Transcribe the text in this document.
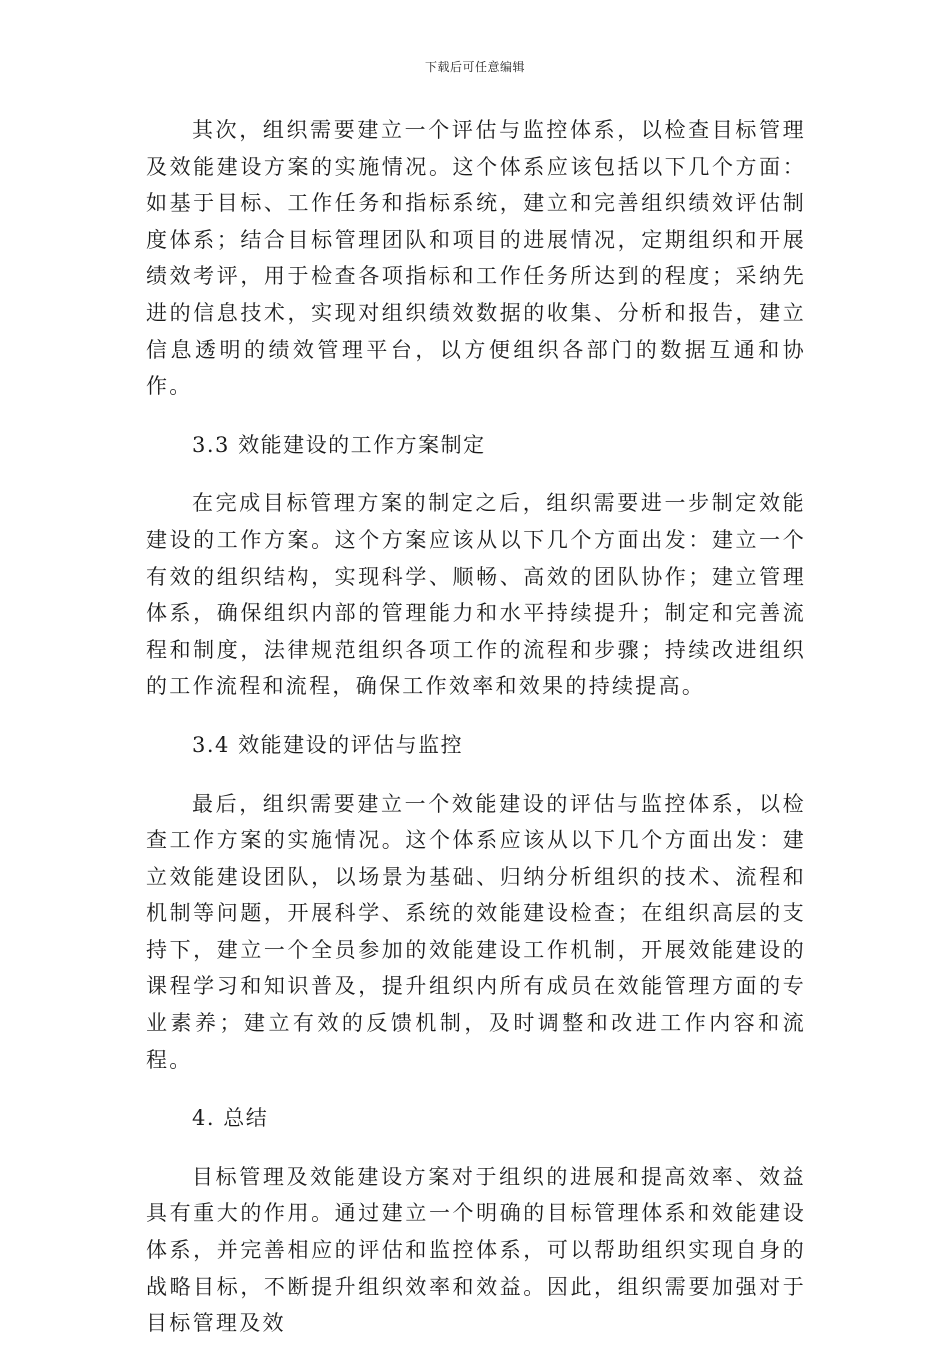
下载后可任意编辑

其次，组织需要建立一个评估与监控体系，以检查目标管理及效能建设方案的实施情况。这个体系应该包括以下几个方面：如基于目标、工作任务和指标系统，建立和完善组织绩效评估制度体系；结合目标管理团队和项目的进展情况，定期组织和开展绩效考评，用于检查各项指标和工作任务所达到的程度；采纳先进的信息技术，实现对组织绩效数据的收集、分析和报告，建立信息透明的绩效管理平台，以方便组织各部门的数据互通和协作。

3.3 效能建设的工作方案制定

在完成目标管理方案的制定之后，组织需要进一步制定效能建设的工作方案。这个方案应该从以下几个方面出发：建立一个有效的组织结构，实现科学、顺畅、高效的团队协作；建立管理体系，确保组织内部的管理能力和水平持续提升；制定和完善流程和制度，法律规范组织各项工作的流程和步骤；持续改进组织的工作流程和流程，确保工作效率和效果的持续提高。

3.4 效能建设的评估与监控

最后，组织需要建立一个效能建设的评估与监控体系，以检查工作方案的实施情况。这个体系应该从以下几个方面出发：建立效能建设团队，以场景为基础、归纳分析组织的技术、流程和机制等问题，开展科学、系统的效能建设检查；在组织高层的支持下，建立一个全员参加的效能建设工作机制，开展效能建设的课程学习和知识普及，提升组织内所有成员在效能管理方面的专业素养；建立有效的反馈机制，及时调整和改进工作内容和流程。

4. 总结

目标管理及效能建设方案对于组织的进展和提高效率、效益具有重大的作用。通过建立一个明确的目标管理体系和效能建设体系，并完善相应的评估和监控体系，可以帮助组织实现自身的战略目标，不断提升组织效率和效益。因此，组织需要加强对于目标管理及效
